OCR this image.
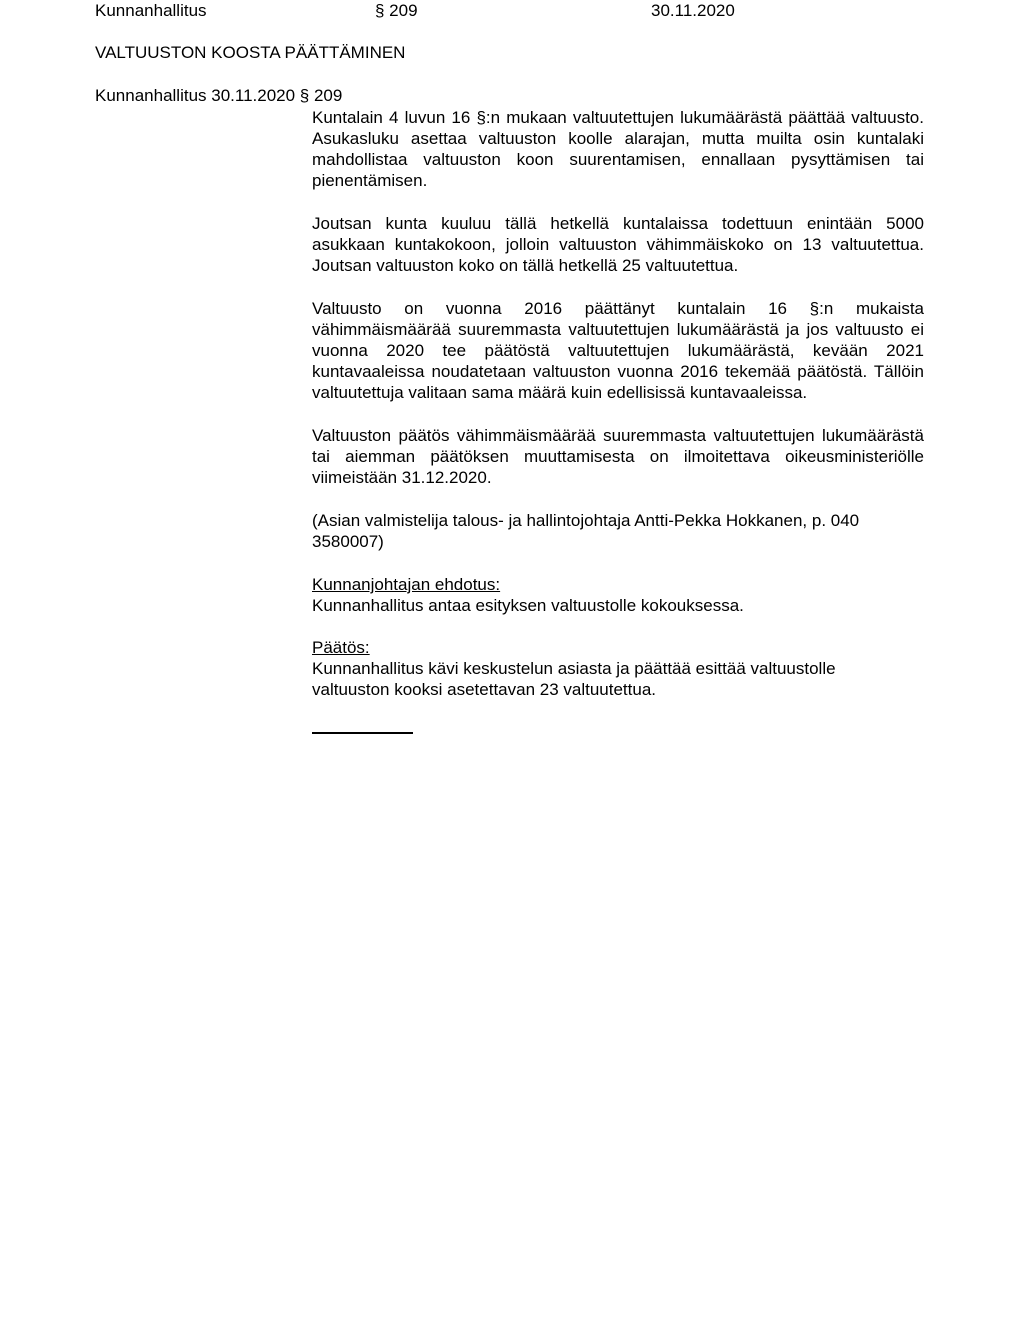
Kunnanhallitus	§ 209	30.11.2020
VALTUUSTON KOOSTA PÄÄTTÄMINEN
Kunnanhallitus 30.11.2020 § 209

Kuntalain 4 luvun 16 §:n mukaan valtuutettujen lukumäärästä päättää valtuusto. Asukasluku asettaa valtuuston koolle alarajan, mutta muilta osin kuntalaki mahdollistaa valtuuston koon suurentamisen, ennallaan pysyttämisen tai pienentämisen.

Joutsan kunta kuuluu tällä hetkellä kuntalaissa todettuun enintään 5000 asukkaan kuntakokoon, jolloin valtuuston vähimmäiskoko on 13 valtuutettua. Joutsan valtuuston koko on tällä hetkellä 25 valtuutettua.

Valtuusto on vuonna 2016 päättänyt kuntalain 16 §:n mukaista vähimmäismäärää suuremmasta valtuutettujen lukumäärästä ja jos valtuusto ei vuonna 2020 tee päätöstä valtuutettujen lukumäärästä, kevään 2021 kuntavaaleissa noudatetaan valtuuston vuonna 2016 tekemää päätöstä. Tällöin valtuutettuja valitaan sama määrä kuin edellisissä kuntavaaleissa.

Valtuuston päätös vähimmäismäärää suuremmasta valtuutettujen lukumäärästä tai aiemman päätöksen muuttamisesta on ilmoitettava oikeusministeriölle viimeistään 31.12.2020.

(Asian valmistelija talous- ja hallintojohtaja Antti-Pekka Hokkanen, p. 040 3580007)

Kunnanjohtajan ehdotus:
Kunnanhallitus antaa esityksen valtuustolle kokouksessa.
Päätös:
Kunnanhallitus kävi keskustelun asiasta ja päättää esittää valtuustolle valtuuston kooksi asetettavan 23 valtuutettua.
